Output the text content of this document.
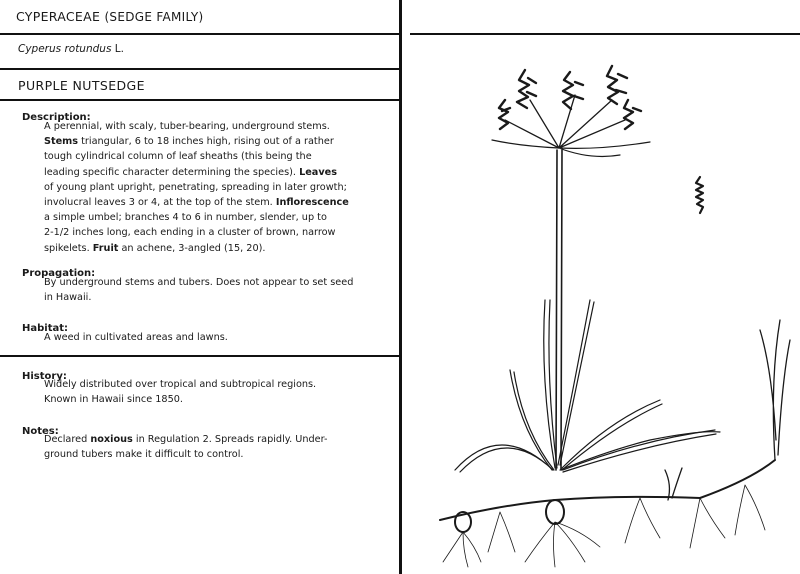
CYPERACEAE (SEDGE FAMILY)
Cyperus rotundus L.
PURPLE NUTSEDGE
Description:
A perennial, with scaly, tuber-bearing, underground stems.
Stems triangular, 6 to 18 inches high, rising out of a rather
tough cylindrical column of leaf sheaths (this being the
leading specific character determining the species). Leaves
of young plant upright, penetrating, spreading in later growth;
involucral leaves 3 or 4, at the top of the stem. Inflorescence
a simple umbel; branches 4 to 6 in number, slender, up to
2-1/2 inches long, each ending in a cluster of brown, narrow
spikelets. Fruit an achene, 3-angled (15, 20).
Propagation:
By underground stems and tubers. Does not appear to set seed
in Hawaii.
Habitat:
A weed in cultivated areas and lawns.
History:
Widely distributed over tropical and subtropical regions.
Known in Hawaii since 1850.
Notes:
Declared noxious in Regulation 2. Spreads rapidly. Under-
ground tubers make it difficult to control.
